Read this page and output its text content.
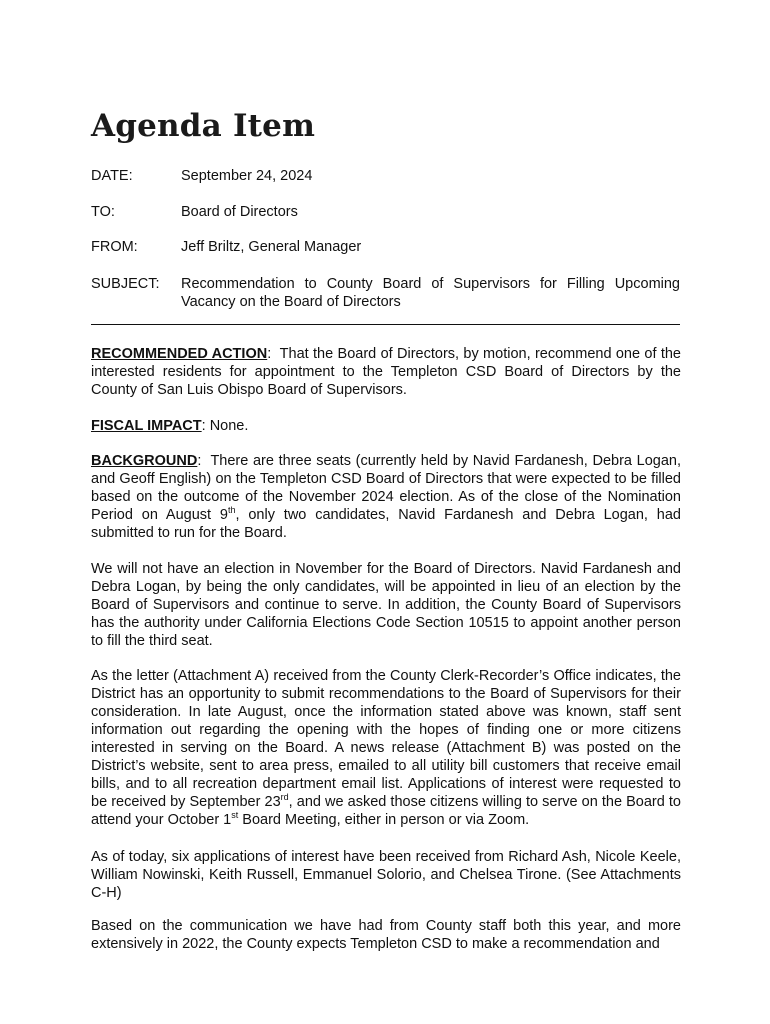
Agenda Item
DATE:	September 24, 2024
TO:	Board of Directors
FROM:	Jeff Briltz, General Manager
SUBJECT: Recommendation to County Board of Supervisors for Filling Upcoming Vacancy on the Board of Directors

RECOMMENDED ACTION:  That the Board of Directors, by motion, recommend one of the interested residents for appointment to the Templeton CSD Board of Directors by the County of San Luis Obispo Board of Supervisors.

FISCAL IMPACT: None.

BACKGROUND:  There are three seats (currently held by Navid Fardanesh, Debra Logan, and Geoff English) on the Templeton CSD Board of Directors that were expected to be filled based on the outcome of the November 2024 election. As of the close of the Nomination Period on August 9th, only two candidates, Navid Fardanesh and Debra Logan, had submitted to run for the Board.

We will not have an election in November for the Board of Directors. Navid Fardanesh and Debra Logan, by being the only candidates, will be appointed in lieu of an election by the Board of Supervisors and continue to serve. In addition, the County Board of Supervisors has the authority under California Elections Code Section 10515 to appoint another person to fill the third seat.

As the letter (Attachment A) received from the County Clerk-Recorder’s Office indicates, the District has an opportunity to submit recommendations to the Board of Supervisors for their consideration. In late August, once the information stated above was known, staff sent information out regarding the opening with the hopes of finding one or more citizens interested in serving on the Board. A news release (Attachment B) was posted on the District’s website, sent to area press, emailed to all utility bill customers that receive email bills, and to all recreation department email list. Applications of interest were requested to be received by September 23rd, and we asked those citizens willing to serve on the Board to attend your October 1st Board Meeting, either in person or via Zoom.

As of today, six applications of interest have been received from Richard Ash, Nicole Keele, William Nowinski, Keith Russell, Emmanuel Solorio, and Chelsea Tirone. (See Attachments C-H)

Based on the communication we have had from County staff both this year, and more extensively in 2022, the County expects Templeton CSD to make a recommendation and
